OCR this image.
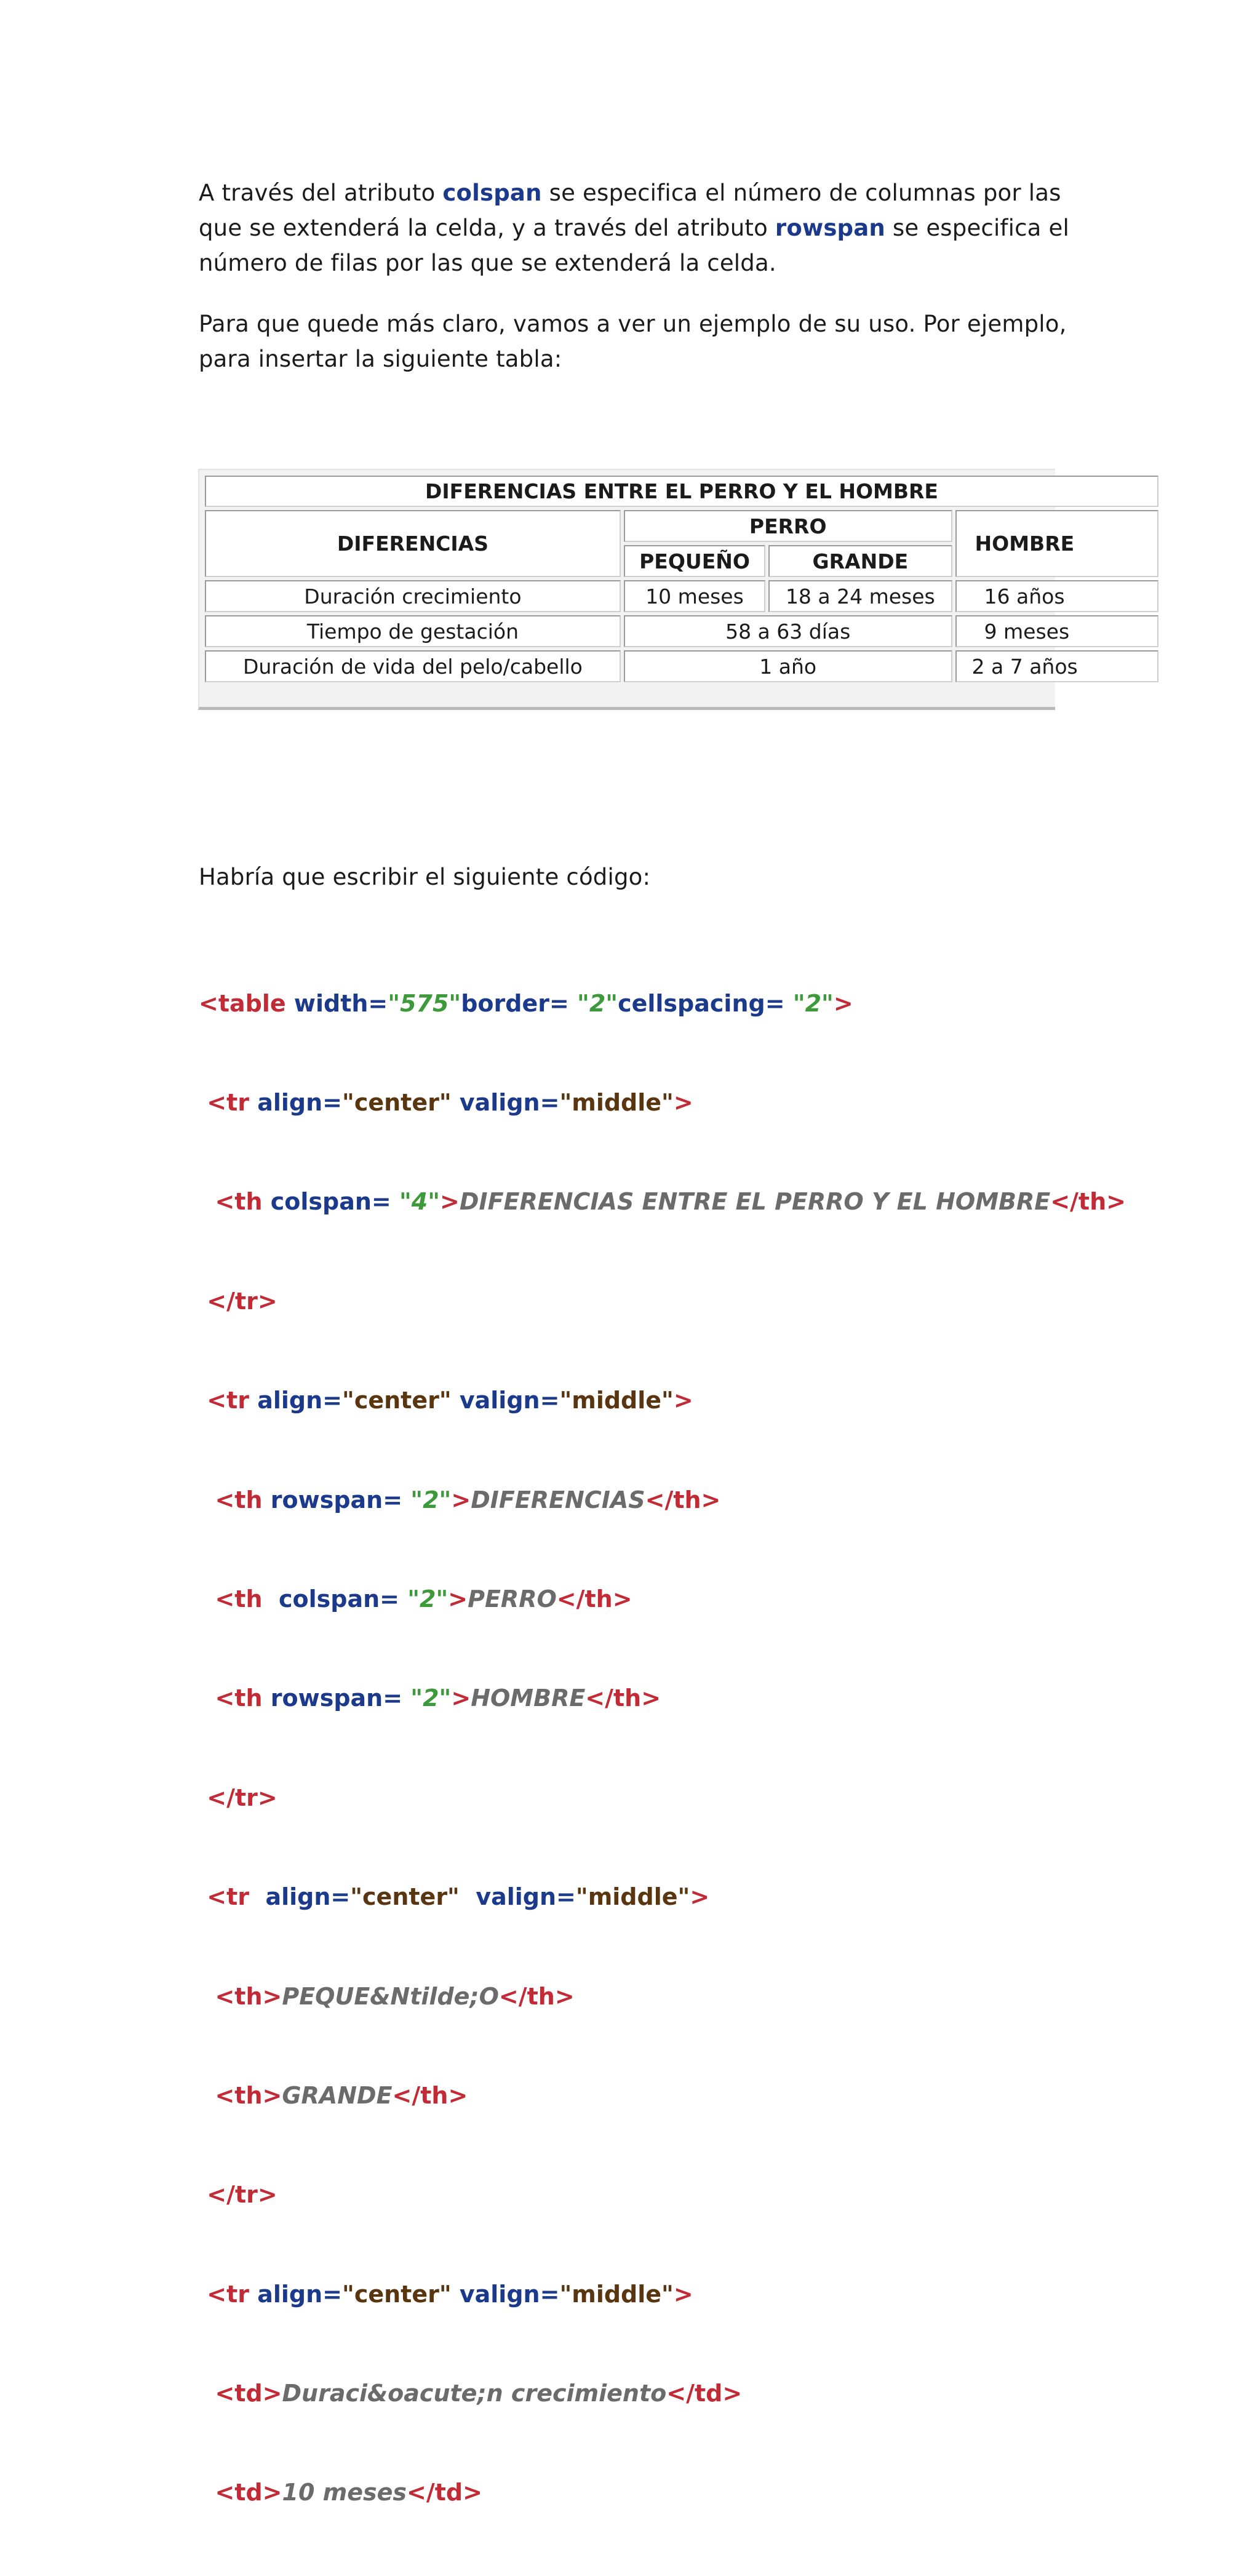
A través del atributo colspan se especifica el número de columnas por las que se extenderá la celda, y a través del atributo rowspan se especifica el número de filas por las que se extenderá la celda.

Para que quede más claro, vamos a ver un ejemplo de su uso. Por ejemplo, para insertar la siguiente tabla:

DIFERENCIAS ENTRE EL PERRO Y EL HOMBRE			
DIFERENCIAS	PERRO		HOMBRE
	PEQUEÑO	GRANDE	
Duración crecimiento	10 meses	18 a 24 meses	16 años
Tiempo de gestación	58 a 63 días		9 meses
Duración de vida del pelo/cabello	1 año		2 a 7 años

Habría que escribir el siguiente código:

<table width="575"border= "2"cellspacing= "2">

<tr align="center" valign="middle">

<th colspan= "4">DIFERENCIAS ENTRE EL PERRO Y EL HOMBRE</th>

</tr>

<tr align="center" valign="middle">

<th rowspan= "2">DIFERENCIAS</th>

<th  colspan= "2">PERRO</th>

<th rowspan= "2">HOMBRE</th>

</tr>

<tr  align="center"  valign="middle">

<th>PEQUE&Ntilde;O</th>

<th>GRANDE</th>

</tr>

<tr align="center" valign="middle">

<td>Duraci&oacute;n crecimiento</td>

<td>10 meses</td>
